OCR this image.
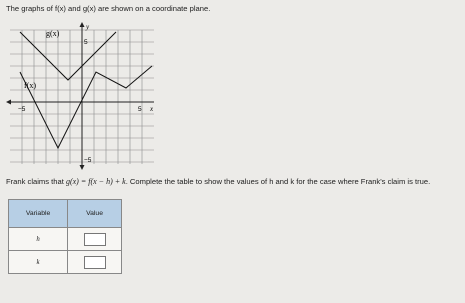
The graphs of f(x) and g(x) are shown on a coordinate plane.
y
x
g(x)
f(x)
5
−5
−5	5
Frank claims that g(x) = f(x − h) + k. Complete the table to show the values of h and k for the case where Frank's claim is true.
Variable	Value
h	
k	
